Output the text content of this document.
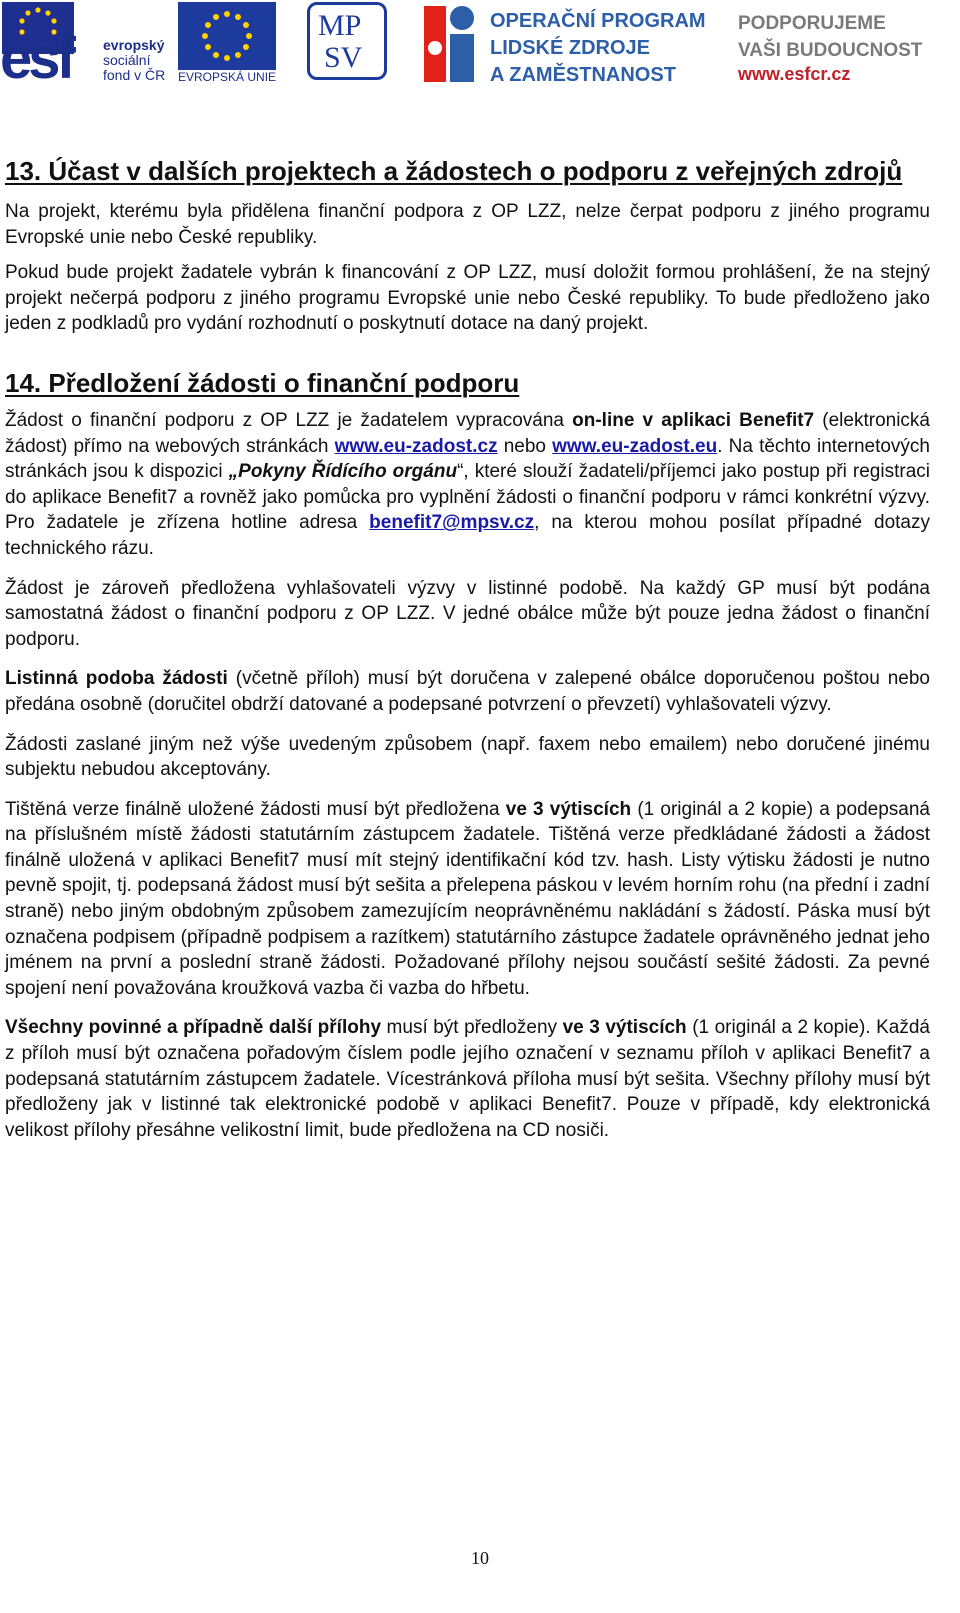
esf evropský
sociální
fond v ČR EVROPSKÁ UNIE
MP
SV
OPERAČNÍ PROGRAM
LIDSKÉ ZDROJE
A ZAMĚSTNANOST
PODPORUJEME
VAŠI BUDOUCNOST
www.esfcr.cz
13. Účast v dalších projektech a žádostech o podporu z veřejných zdrojů

Na projekt, kterému byla přidělena finanční podpora z OP LZZ, nelze čerpat podporu z jiného programu Evropské unie nebo České republiky.

Pokud bude projekt žadatele vybrán k financování z OP LZZ, musí doložit formou prohlášení, že na stejný projekt nečerpá podporu z jiného programu Evropské unie nebo České republiky. To bude předloženo jako jeden z podkladů pro vydání rozhodnutí o poskytnutí dotace na daný projekt.

14. Předložení žádosti o finanční podporu

Žádost o finanční podporu z OP LZZ je žadatelem vypracována on-line v aplikaci Benefit7 (elektronická žádost) přímo na webových stránkách www.eu-zadost.cz nebo www.eu-zadost.eu. Na těchto internetových stránkách jsou k dispozici „Pokyny Řídícího orgánu“, které slouží žadateli/příjemci jako postup při registraci do aplikace Benefit7 a rovněž jako pomůcka pro vyplnění žádosti o finanční podporu v rámci konkrétní výzvy. Pro žadatele je zřízena hotline adresa benefit7@mpsv.cz, na kterou mohou posílat případné dotazy technického rázu.

Žádost je zároveň předložena vyhlašovateli výzvy v listinné podobě. Na každý GP musí být podána samostatná žádost o finanční podporu z OP LZZ. V jedné obálce může být pouze jedna žádost o finanční podporu.

Listinná podoba žádosti (včetně příloh) musí být doručena v zalepené obálce doporučenou poštou nebo předána osobně (doručitel obdrží datované a podepsané potvrzení o převzetí) vyhlašovateli výzvy.

Žádosti zaslané jiným než výše uvedeným způsobem (např. faxem nebo emailem) nebo doručené jinému subjektu nebudou akceptovány.

Tištěná verze finálně uložené žádosti musí být předložena ve 3 výtiscích (1 originál a 2 kopie) a podepsaná na příslušném místě žádosti statutárním zástupcem žadatele. Tištěná verze předkládané žádosti a žádost finálně uložená v aplikaci Benefit7 musí mít stejný identifikační kód tzv. hash. Listy výtisku žádosti je nutno pevně spojit, tj. podepsaná žádost musí být sešita a přelepena páskou v levém horním rohu (na přední i zadní straně) nebo jiným obdobným způsobem zamezujícím neoprávněnému nakládání s žádostí. Páska musí být označena podpisem (případně podpisem a razítkem) statutárního zástupce žadatele oprávněného jednat jeho jménem na první a poslední straně žádosti. Požadované přílohy nejsou součástí sešité žádosti. Za pevné spojení není považována kroužková vazba či vazba do hřbetu.

Všechny povinné a případně další přílohy musí být předloženy ve 3 výtiscích (1 originál a 2 kopie). Každá z příloh musí být označena pořadovým číslem podle jejího označení v seznamu příloh v aplikaci Benefit7 a podepsaná statutárním zástupcem žadatele. Vícestránková příloha musí být sešita. Všechny přílohy musí být předloženy jak v listinné tak elektronické podobě v aplikaci Benefit7. Pouze v případě, kdy elektronická velikost přílohy přesáhne velikostní limit, bude předložena na CD nosiči.

10
